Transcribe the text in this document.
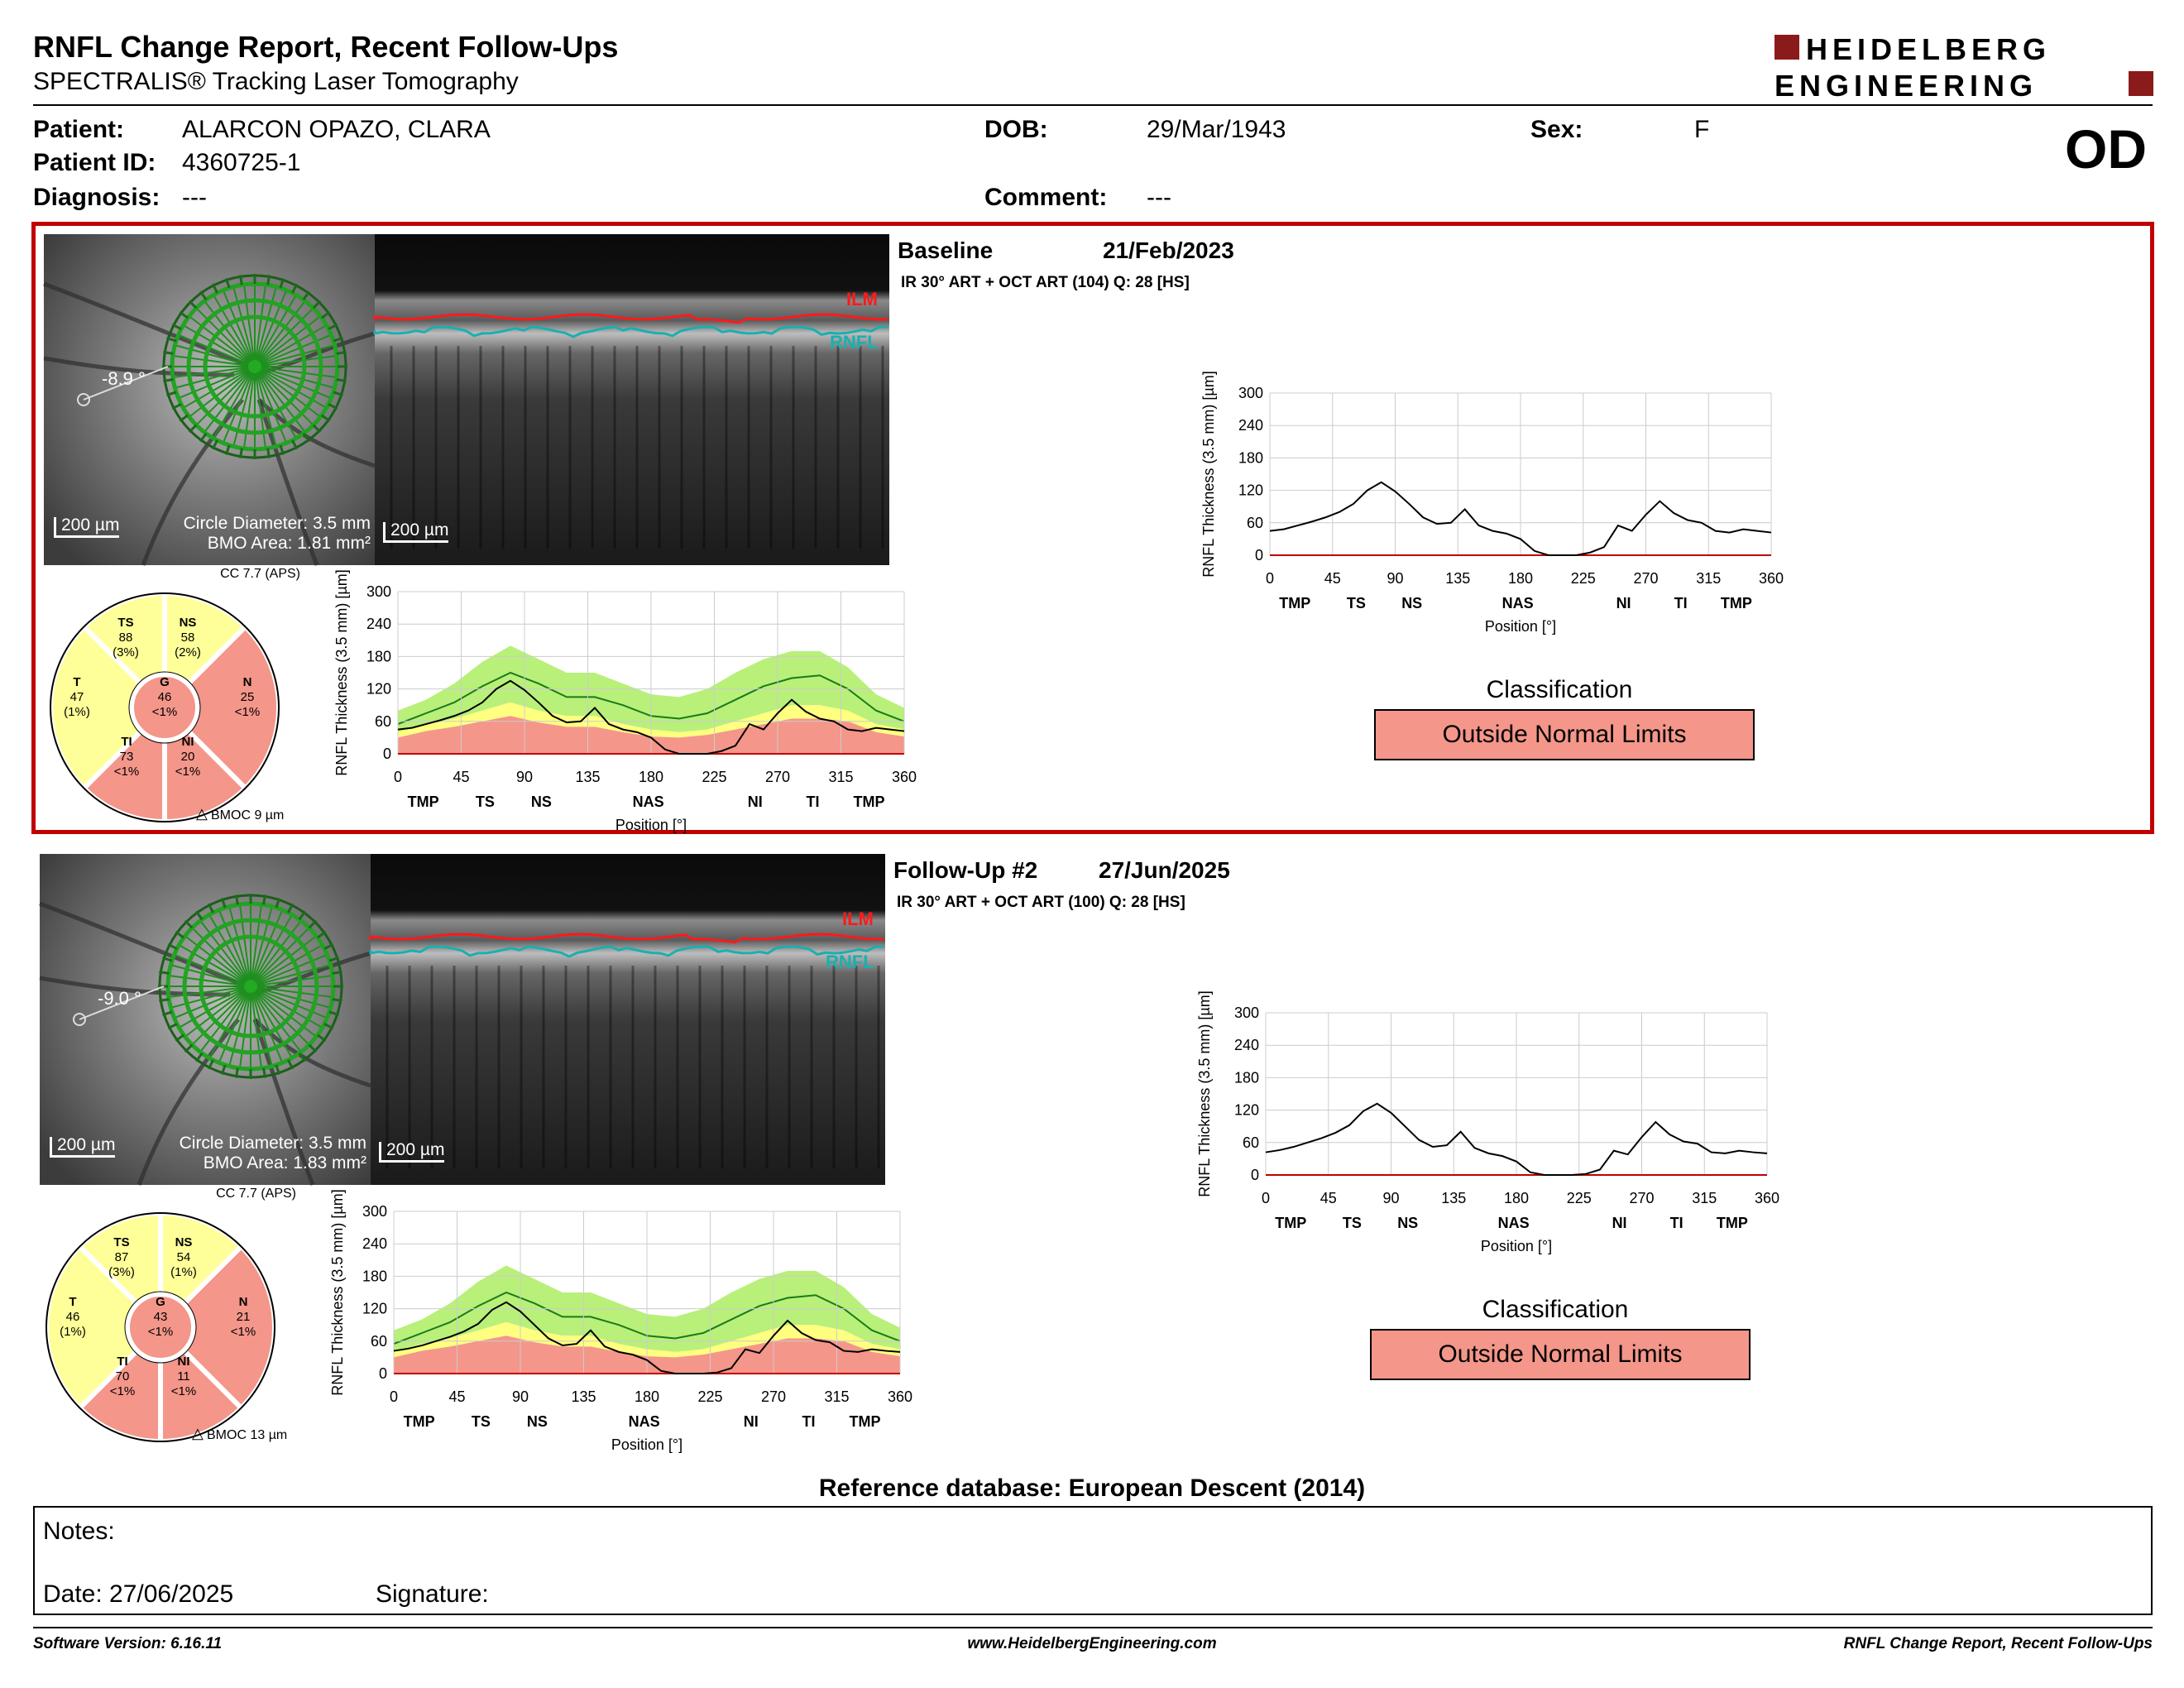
RNFL Change Report, Recent Follow-Ups
SPECTRALIS® Tracking Laser Tomography
HEIDELBERG
ENGINEERING
Patient: ALARCON OPAZO, CLARA	DOB:	29/Mar/1943	Sex:	F
Patient ID: 4360725-1
Diagnosis: ---	Comment: ---
OD
-8.9 °
200 µm	Circle Diameter: 3.5 mm
BMO Area: 1.81 mm²
ILM
RNFL
200 µm
TS
88
(3%)
NS
58
(2%)
T
47
(1%)
G
46
<1%
N
25
<1%
TI
73
<1%
NI
20
<1%
CC 7.7 (APS)
BMOC 9 µm
△
0	45	90	135	180	225	270	315	360
0
60
120
180
240
300
TMP TS NS	NAS	NI	TI TMP
Position [°]
RNFL Thickness (3.5 mm) [µm]
Baseline	21/Feb/2023
IR 30° ART + OCT ART (104) Q: 28 [HS]
0	45	90	135	180	225	270	315	360
0
60
120
180
240
300
TMP TS NS	NAS	NI	TI TMP
Position [°]
RNFL Thickness (3.5 mm) [µm]
Classification
Outside Normal Limits
-9.0 °
200 µm	Circle Diameter: 3.5 mm
BMO Area: 1.83 mm²
ILM
RNFL
200 µm
TS
87
(3%)
NS
54
(1%)
T
46
(1%)
G
43
<1%
N
21
<1%
TI
70
<1%
NI
11
<1%
CC 7.7 (APS)
BMOC 13 µm
△
0	45	90	135	180	225	270	315	360
0
60
120
180
240
300
TMP TS NS	NAS	NI	TI TMP
Position [°]
RNFL Thickness (3.5 mm) [µm]
Follow-Up #2	27/Jun/2025
IR 30° ART + OCT ART (100) Q: 28 [HS]
0	45	90	135	180	225	270	315	360
0
60
120
180
240
300
TMP TS NS	NAS	NI	TI TMP
Position [°]
RNFL Thickness (3.5 mm) [µm]
Classification
Outside Normal Limits
Reference database: European Descent (2014)
Notes:
Date: 27/06/2025	Signature:
Software Version: 6.16.11	www.HeidelbergEngineering.com	RNFL Change Report, Recent Follow-Ups
